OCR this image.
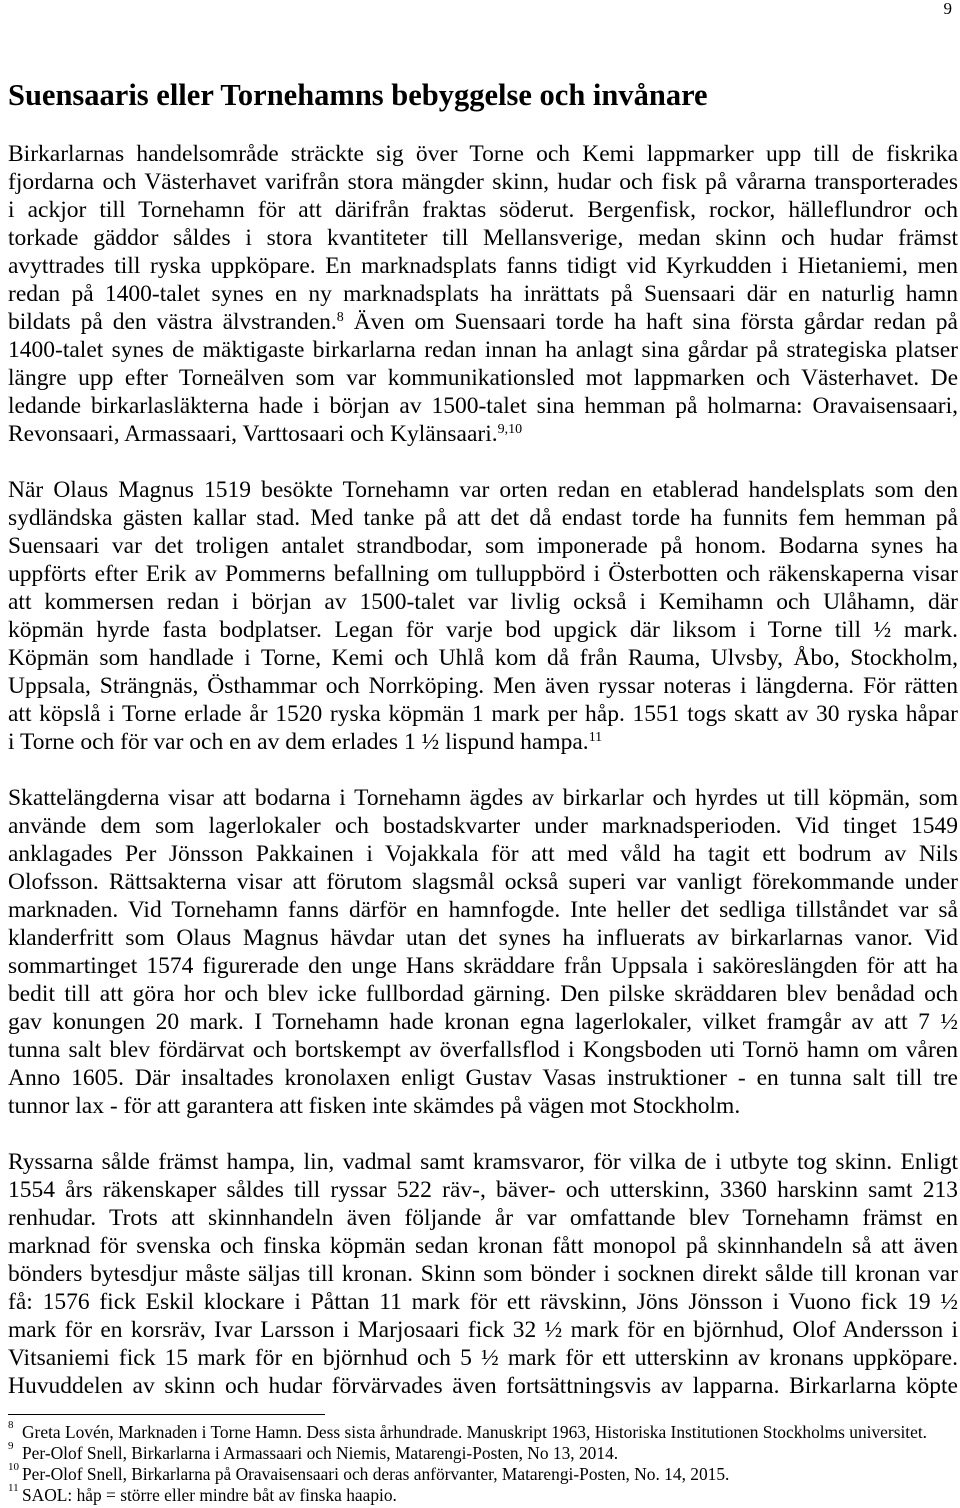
9
Suensaaris eller Tornehamns bebyggelse och invånare
Birkarlarnas handelsområde sträckte sig över Torne och Kemi lappmarker upp till de fiskrika
fjordarna och Västerhavet varifrån stora mängder skinn, hudar och fisk på vårarna transporterades
i ackjor till Tornehamn för att därifrån fraktas söderut. Bergenfisk, rockor, hälleflundror och
torkade gäddor såldes i stora kvantiteter till Mellansverige, medan skinn och hudar främst
avyttrades till ryska uppköpare. En marknadsplats fanns tidigt vid Kyrkudden i Hietaniemi, men
redan på 1400-talet synes en ny marknadsplats ha inrättats på Suensaari där en naturlig hamn
bildats på den västra älvstranden.$^8$ Även om Suensaari torde ha haft sina första gårdar redan på
1400-talet synes de mäktigaste birkarlarna redan innan ha anlagt sina gårdar på strategiska platser
längre upp efter Torneälven som var kommunikationsled mot lappmarken och Västerhavet. De
ledande birkarlasläkterna hade i början av 1500-talet sina hemman på holmarna: Oravaisensaari,
Revonsaari, Armassaari, Varttosaari och Kylänsaari.$^{9,10}$
När Olaus Magnus 1519 besökte Tornehamn var orten redan en etablerad handelsplats som den
sydländska gästen kallar stad. Med tanke på att det då endast torde ha funnits fem hemman på
Suensaari var det troligen antalet strandbodar, som imponerade på honom. Bodarna synes ha
uppförts efter Erik av Pommerns befallning om tulluppbörd i Österbotten och räkenskaperna visar
att kommersen redan i början av 1500-talet var livlig också i Kemihamn och Ulåhamn, där
köpmän hyrde fasta bodplatser. Legan för varje bod upgick där liksom i Torne till ½ mark.
Köpmän som handlade i Torne, Kemi och Uhlå kom då från Rauma, Ulvsby, Åbo, Stockholm,
Uppsala, Strängnäs, Östhammar och Norrköping. Men även ryssar noteras i längderna. För rätten
att köpslå i Torne erlade år 1520 ryska köpmän 1 mark per håp. 1551 togs skatt av 30 ryska håpar
i Torne och för var och en av dem erlades 1 ½ lispund hampa.$^{11}$
Skattelängderna visar att bodarna i Tornehamn ägdes av birkarlar och hyrdes ut till köpmän, som
använde dem som lagerlokaler och bostadskvarter under marknadsperioden. Vid tinget 1549
anklagades Per Jönsson Pakkainen i Vojakkala för att med våld ha tagit ett bodrum av Nils
Olofsson. Rättsakterna visar att förutom slagsmål också superi var vanligt förekommande under
marknaden. Vid Tornehamn fanns därför en hamnfogde. Inte heller det sedliga tillståndet var så
klanderfritt som Olaus Magnus hävdar utan det synes ha influerats av birkarlarnas vanor. Vid
sommartinget 1574 figurerade den unge Hans skräddare från Uppsala i saköreslängden för att ha
bedit till att göra hor och blev icke fullbordad gärning. Den pilske skräddaren blev benådad och
gav konungen 20 mark. I Tornehamn hade kronan egna lagerlokaler, vilket framgår av att 7 ½
tunna salt blev fördärvat och bortskempt av överfallsflod i Kongsboden uti Tornö hamn om våren
Anno 1605. Där insaltades kronolaxen enligt Gustav Vasas instruktioner - en tunna salt till tre
tunnor lax - för att garantera att fisken inte skämdes på vägen mot Stockholm.
Ryssarna sålde främst hampa, lin, vadmal samt kramsvaror, för vilka de i utbyte tog skinn. Enligt
1554 års räkenskaper såldes till ryssar 522 räv-, bäver- och utterskinn, 3360 harskinn samt 213
renhudar. Trots att skinnhandeln även följande år var omfattande blev Tornehamn främst en
marknad för svenska och finska köpmän sedan kronan fått monopol på skinnhandeln så att även
bönders bytesdjur måste säljas till kronan. Skinn som bönder i socknen direkt sålde till kronan var
få: 1576 fick Eskil klockare i Påttan 11 mark för ett rävskinn, Jöns Jönsson i Vuono fick 19 ½
mark för en korsräv, Ivar Larsson i Marjosaari fick 32 ½ mark för en björnhud, Olof Andersson i
Vitsaniemi fick 15 mark för en björnhud och 5 ½ mark för ett utterskinn av kronans uppköpare.
Huvuddelen av skinn och hudar förvärvades även fortsättningsvis av lapparna. Birkarlarna köpte
8 Greta Lovén, Marknaden i Torne Hamn. Dess sista århundrade. Manuskript 1963, Historiska Institutionen Stockholms universitet.
9 Per-Olof Snell, Birkarlarna i Armassaari och Niemis, Matarengi-Posten, No 13, 2014.
10 Per-Olof Snell, Birkarlarna på Oravaisensaari och deras anförvanter, Matarengi-Posten, No. 14, 2015.
11 SAOL: håp = större eller mindre båt av finska haapio.
